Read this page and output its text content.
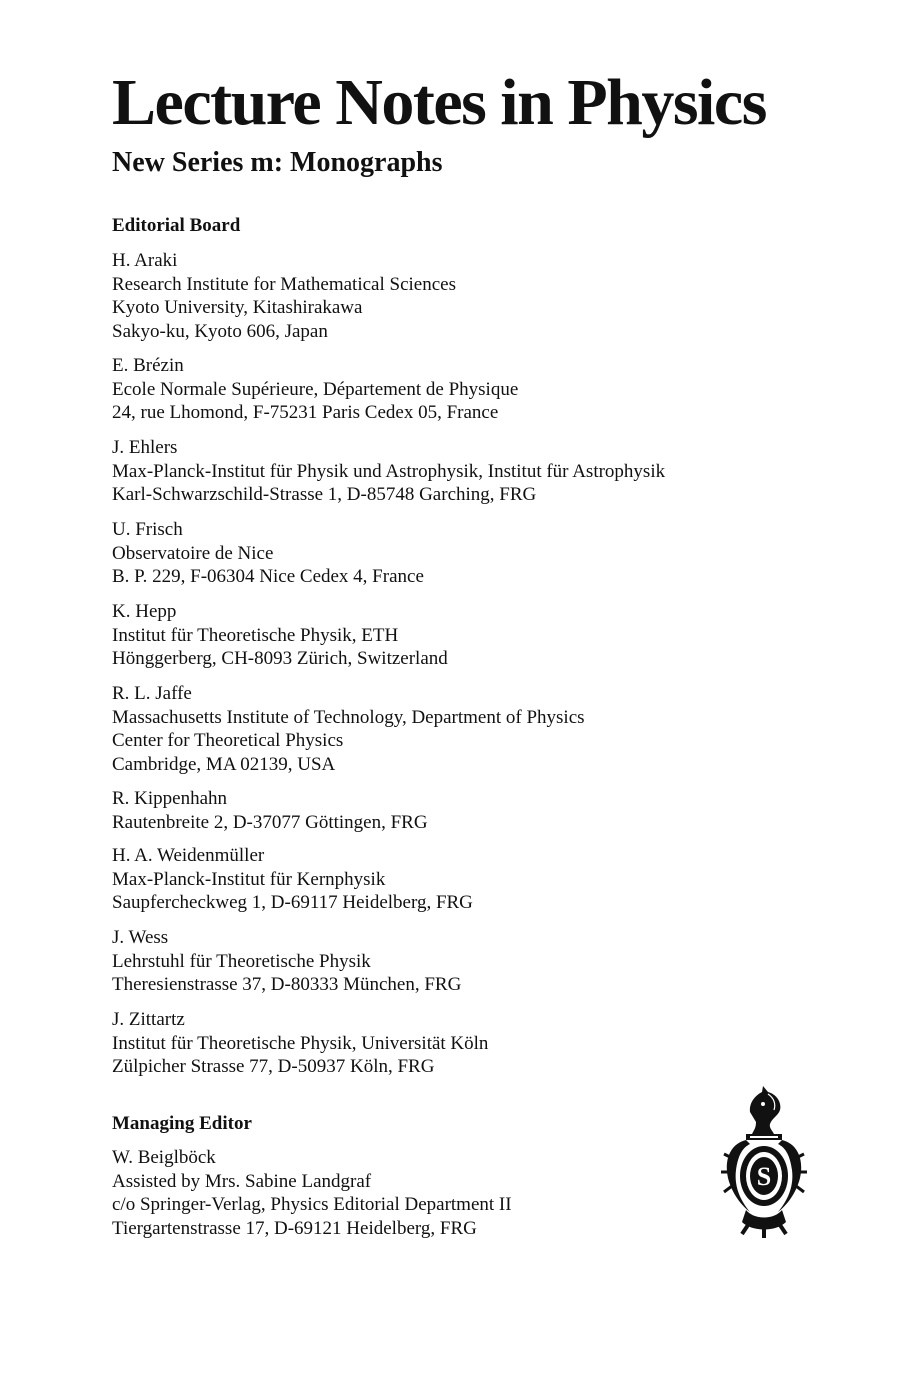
Lecture Notes in Physics
New Series m: Monographs
Editorial Board
H. Araki
Research Institute for Mathematical Sciences
Kyoto University, Kitashirakawa
Sakyo-ku, Kyoto 606, Japan
E. Brézin
Ecole Normale Supérieure, Département de Physique
24, rue Lhomond, F-75231 Paris Cedex 05, France
J. Ehlers
Max-Planck-Institut für Physik und Astrophysik, Institut für Astrophysik
Karl-Schwarzschild-Strasse 1, D-85748 Garching, FRG
U. Frisch
Observatoire de Nice
B. P. 229, F-06304 Nice Cedex 4, France
K. Hepp
Institut für Theoretische Physik, ETH
Hönggerberg, CH-8093 Zürich, Switzerland
R. L. Jaffe
Massachusetts Institute of Technology, Department of Physics
Center for Theoretical Physics
Cambridge, MA 02139, USA
R. Kippenhahn
Rautenbreite 2, D-37077 Göttingen, FRG
H. A. Weidenmüller
Max-Planck-Institut für Kernphysik
Saupfercheckweg 1, D-69117 Heidelberg, FRG
J. Wess
Lehrstuhl für Theoretische Physik
Theresienstrasse 37, D-80333 München, FRG
J. Zittartz
Institut für Theoretische Physik, Universität Köln
Zülpicher Strasse 77, D-50937 Köln, FRG
Managing Editor
W. Beiglböck
Assisted by Mrs. Sabine Landgraf
c/o Springer-Verlag, Physics Editorial Department II
Tiergartenstrasse 17, D-69121 Heidelberg, FRG
S
